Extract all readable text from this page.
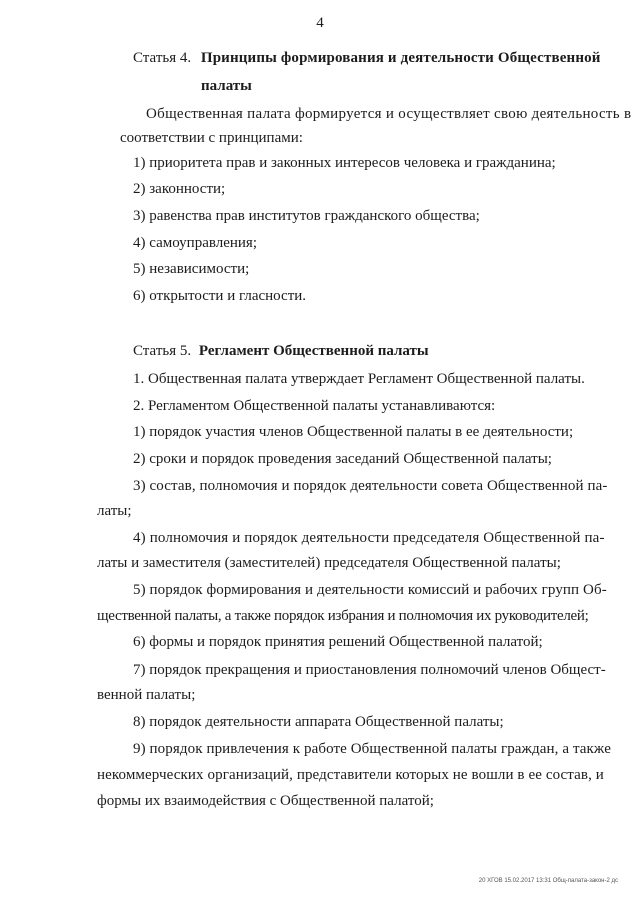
4
Статья 4. Принципы формирования и деятельности Общественной
палаты
Общественная палата формируется и осуществляет свою деятельность в
соответствии с принципами:
1) приоритета прав и законных интересов человека и гражданина;
2) законности;
3) равенства прав институтов гражданского общества;
4) самоуправления;
5) независимости;
6) открытости и гласности.
Статья 5. Регламент Общественной палаты
1. Общественная палата утверждает Регламент Общественной палаты.
2. Регламентом Общественной палаты устанавливаются:
1) порядок участия членов Общественной палаты в ее деятельности;
2) сроки и порядок проведения заседаний Общественной палаты;
3) состав, полномочия и порядок деятельности совета Общественной па-
латы;
4) полномочия и порядок деятельности председателя Общественной па-
латы и заместителя (заместителей) председателя Общественной палаты;
5) порядок формирования и деятельности комиссий и рабочих групп Об-
щественной палаты, а также порядок избрания и полномочия их руководителей;
6) формы и порядок принятия решений Общественной палатой;
7) порядок прекращения и приостановления полномочий членов Общест-
венной палаты;
8) порядок деятельности аппарата Общественной палаты;
9) порядок привлечения к работе Общественной палаты граждан, а также
некоммерческих организаций, представители которых не вошли в ее состав, и
формы их взаимодействия с Общественной палатой;
20 ХГОВ 15.02.2017 13:31 Общ-палата-закон-2 дс
